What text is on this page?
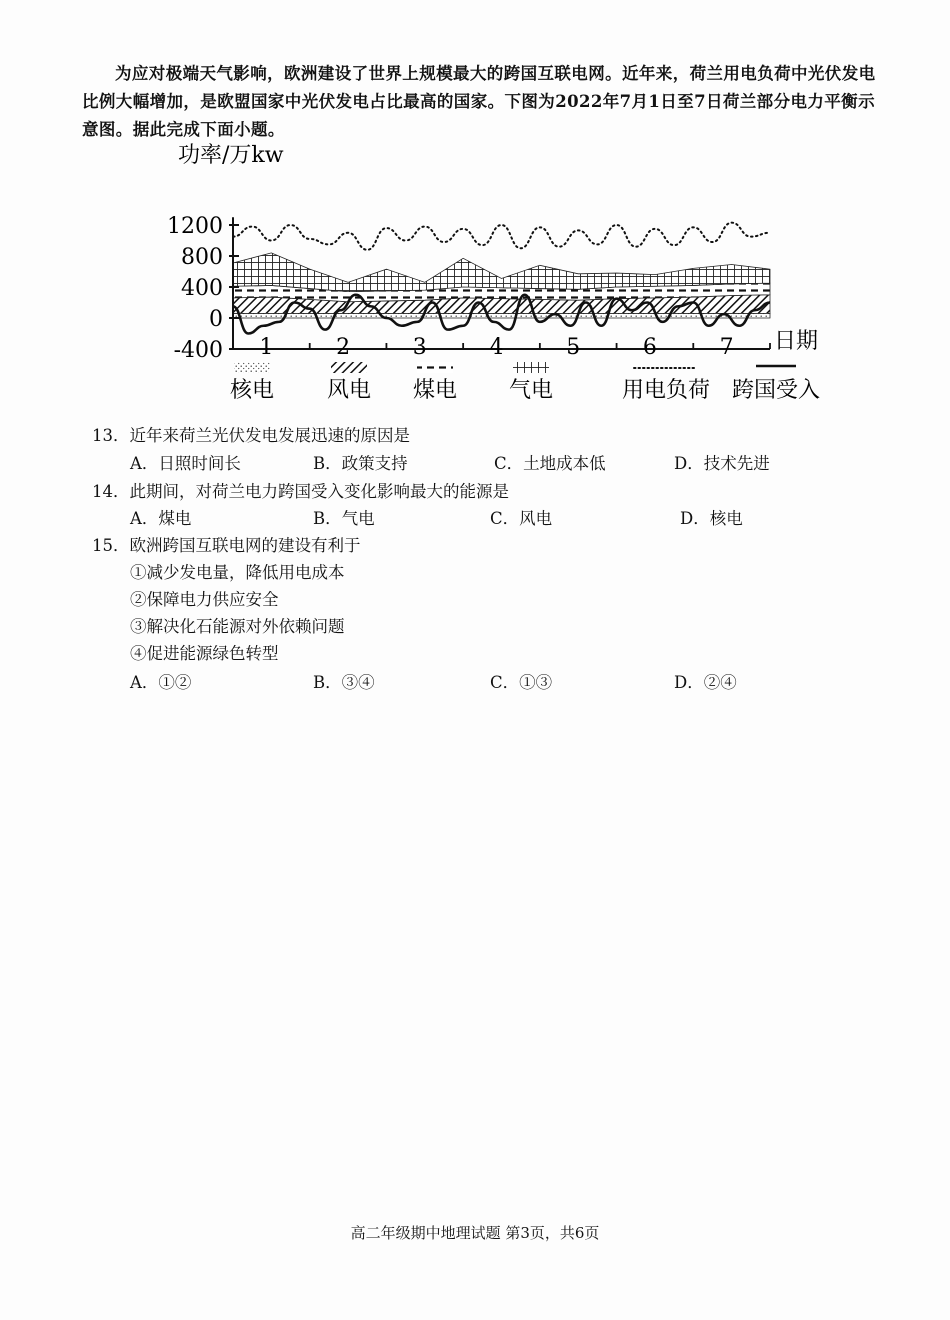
为应对极端天气影响，欧洲建设了世界上规模最大的跨国互联电网。近年来，荷兰用电负荷中光伏发电比例大幅增加，是欧盟国家中光伏发电占比最高的国家。下图为2022年7月1日至7日荷兰部分电力平衡示意图。据此完成下面小题。

1200
800
400
0
-400 1	2	3	4	5	6	7
功率/万kw
日期
核电 风电 煤电 气电	用电负荷 跨国受入

13．近年来荷兰光伏发电发展迅速的原因是

A．日照时间长	B．政策支持	C．土地成本低	D．技术先进

14．此期间，对荷兰电力跨国受入变化影响最大的能源是

A．煤电	B．气电	C．风电	D．核电

15．欧洲跨国互联电网的建设有利于

①减少发电量，降低用电成本

②保障电力供应安全

③解决化石能源对外依赖问题

④促进能源绿色转型

A．①②	B．③④	C．①③	D．②④

高二年级期中地理试题 第3页，共6页
